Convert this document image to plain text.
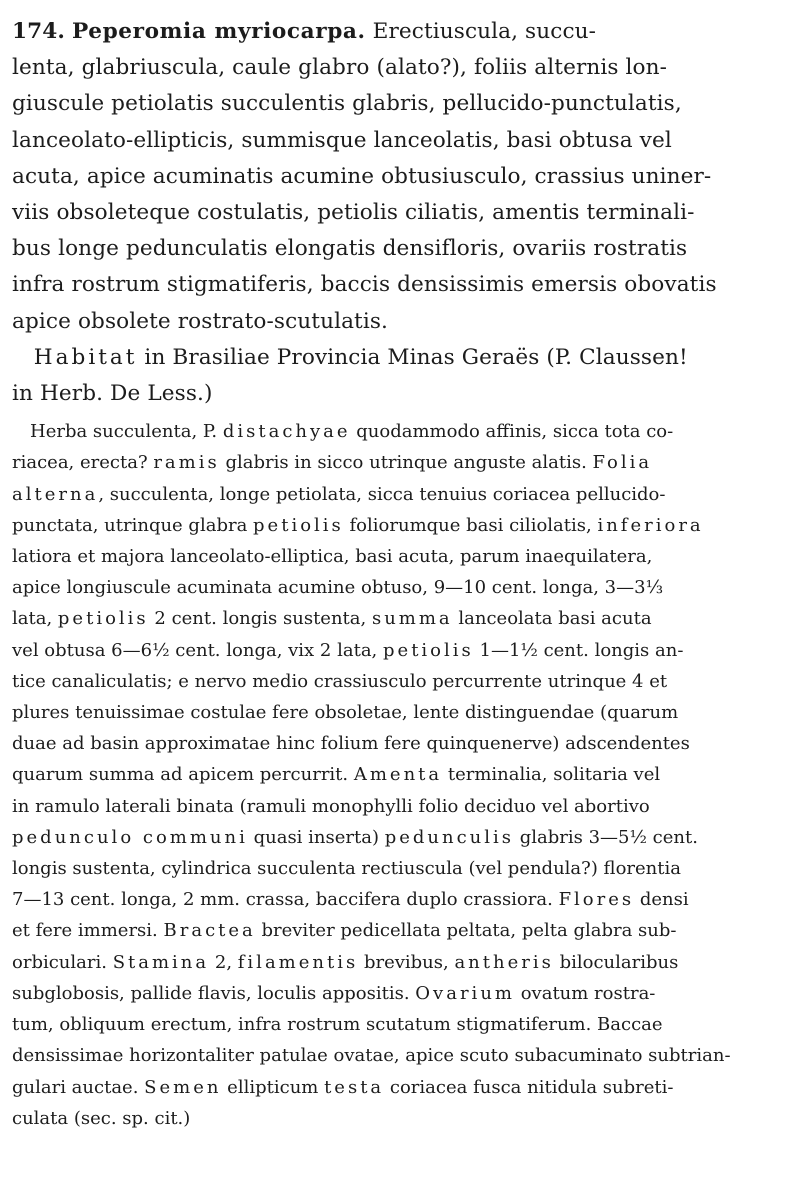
174. Peperomia myriocarpa. Erectiuscula, succu-
lenta, glabriuscula, caule glabro (alato?), foliis alternis lon-
giuscule petiolatis succulentis glabris, pellucido-punctulatis,
lanceolato-ellipticis, summisque lanceolatis, basi obtusa vel
acuta, apice acuminatis acumine obtusiusculo, crassius uniner-
viis obsoleteque costulatis, petiolis ciliatis, amentis terminali-
bus longe pedunculatis elongatis densifloris, ovariis rostratis
infra rostrum stigmatiferis, baccis densissimis emersis obovatis
apice obsolete rostrato-scutulatis.
  Habitat in Brasiliae Provincia Minas Geraës (P. Claussen!
in Herb. De Less.)
  Herba succulenta, P. distachyae quodammodo affinis, sicca tota co-
riacea, erecta? ramis glabris in sicco utrinque anguste alatis. Folia
alterna, succulenta, longe petiolata, sicca tenuius coriacea pellucido-
punctata, utrinque glabra petiolis foliorumque basi ciliolatis, inferiora
latiora et majora lanceolato-elliptica, basi acuta, parum inaequilatera,
apice longiuscule acuminata acumine obtuso, 9—10 cent. longa, 3—3⅓
lata, petiolis 2 cent. longis sustenta, summa lanceolata basi acuta
vel obtusa 6—6½ cent. longa, vix 2 lata, petiolis 1—1½ cent. longis an-
tice canaliculatis; e nervo medio crassiusculo percurrente utrinque 4 et
plures tenuissimae costulae fere obsoletae, lente distinguendae (quarum
duae ad basin approximatae hinc folium fere quinquenerve) adscendentes
quarum summa ad apicem percurrit. Amenta terminalia, solitaria vel
in ramulo laterali binata (ramuli monophylli folio deciduo vel abortivo
pedunculo communi quasi inserta) pedunculis glabris 3—5½ cent.
longis sustenta, cylindrica succulenta rectiuscula (vel pendula?) florentia
7—13 cent. longa, 2 mm. crassa, baccifera duplo crassiora. Flores densi
et fere immersi. Bractea breviter pedicellata peltata, pelta glabra sub-
orbiculari. Stamina 2, filamentis brevibus, antheris bilocularibus
subglobosis, pallide flavis, loculis appositis. Ovarium ovatum rostra-
tum, obliquum erectum, infra rostrum scutatum stigmatiferum. Baccae
densissimae horizontaliter patulae ovatae, apice scuto subacuminato subtrian-
gulari auctae. Semen ellipticum testa coriacea fusca nitidula subreti-
culata (sec. sp. cit.)
